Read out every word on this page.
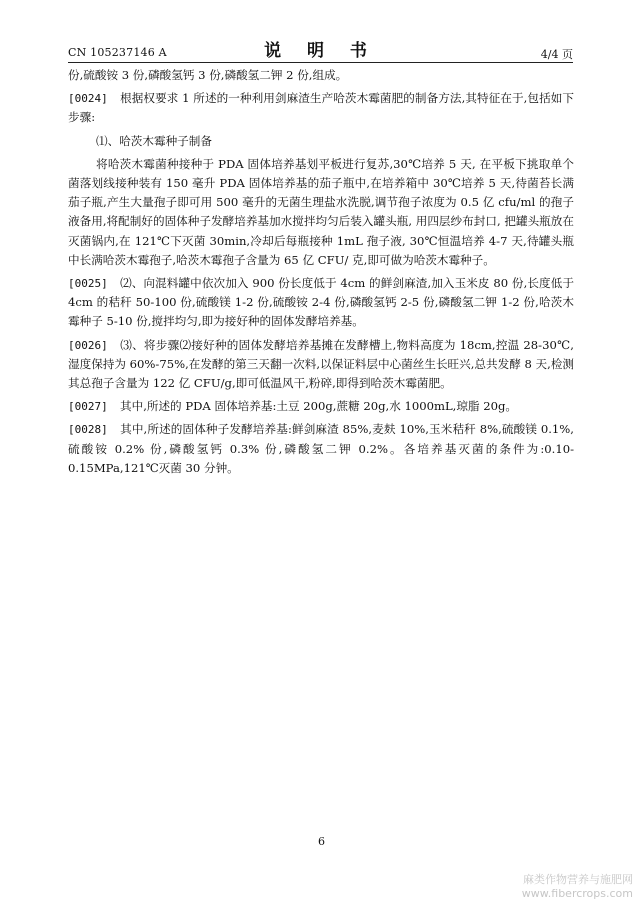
CN 105237146 A	说 明 书	4/4 页

份,硫酸铵 3 份,磷酸氢钙 3 份,磷酸氢二钾 2 份,组成。

[0024] 根据权要求 1 所述的一种利用剑麻渣生产哈茨木霉菌肥的制备方法,其特征在于,包括如下步骤:

⑴、哈茨木霉种子制备

将哈茨木霉菌种接种于 PDA 固体培养基划平板进行复苏,30℃培养 5 天, 在平板下挑取单个菌落划线接种装有 150 毫升 PDA 固体培养基的茄子瓶中,在培养箱中 30℃培养 5 天,待菌苔长满茄子瓶,产生大量孢子即可用 500 毫升的无菌生理盐水洗脱,调节孢子浓度为 0.5 亿 cfu/ml 的孢子液备用,将配制好的固体种子发酵培养基加水搅拌均匀后装入罐头瓶, 用四层纱布封口, 把罐头瓶放在灭菌锅内,在 121℃下灭菌 30min,冷却后每瓶接种 1mL 孢子液, 30℃恒温培养 4-7 天,待罐头瓶中长满哈茨木霉孢子,哈茨木霉孢子含量为 65 亿 CFU/ 克,即可做为哈茨木霉种子。

[0025] ⑵、向混料罐中依次加入 900 份长度低于 4cm 的鲜剑麻渣,加入玉米皮 80 份,长度低于 4cm 的秸秆 50-100 份,硫酸镁 1-2 份,硫酸铵 2-4 份,磷酸氢钙 2-5 份,磷酸氢二钾 1-2 份,哈茨木霉种子 5-10 份,搅拌均匀,即为接好种的固体发酵培养基。

[0026] ⑶、将步骤⑵接好种的固体发酵培养基摊在发酵槽上,物料高度为 18cm,控温 28-30℃,湿度保持为 60%-75%,在发酵的第三天翻一次料,以保证料层中心菌丝生长旺兴,总共发酵 8 天,检测其总孢子含量为 122 亿 CFU/g,即可低温风干,粉碎,即得到哈茨木霉菌肥。

[0027] 其中,所述的 PDA 固体培养基:土豆 200g,蔗糖 20g,水 1000mL,琼脂 20g。

[0028] 其中,所述的固体种子发酵培养基:鲜剑麻渣 85%,麦麸 10%,玉米秸秆 8%,硫酸镁 0.1%,硫酸铵 0.2% 份,磷酸氢钙 0.3% 份,磷酸氢二钾 0.2%。各培养基灭菌的条件为:0.10-0.15MPa,121℃灭菌 30 分钟。

6
麻类作物营养与施肥网
www.fibercrops.com
